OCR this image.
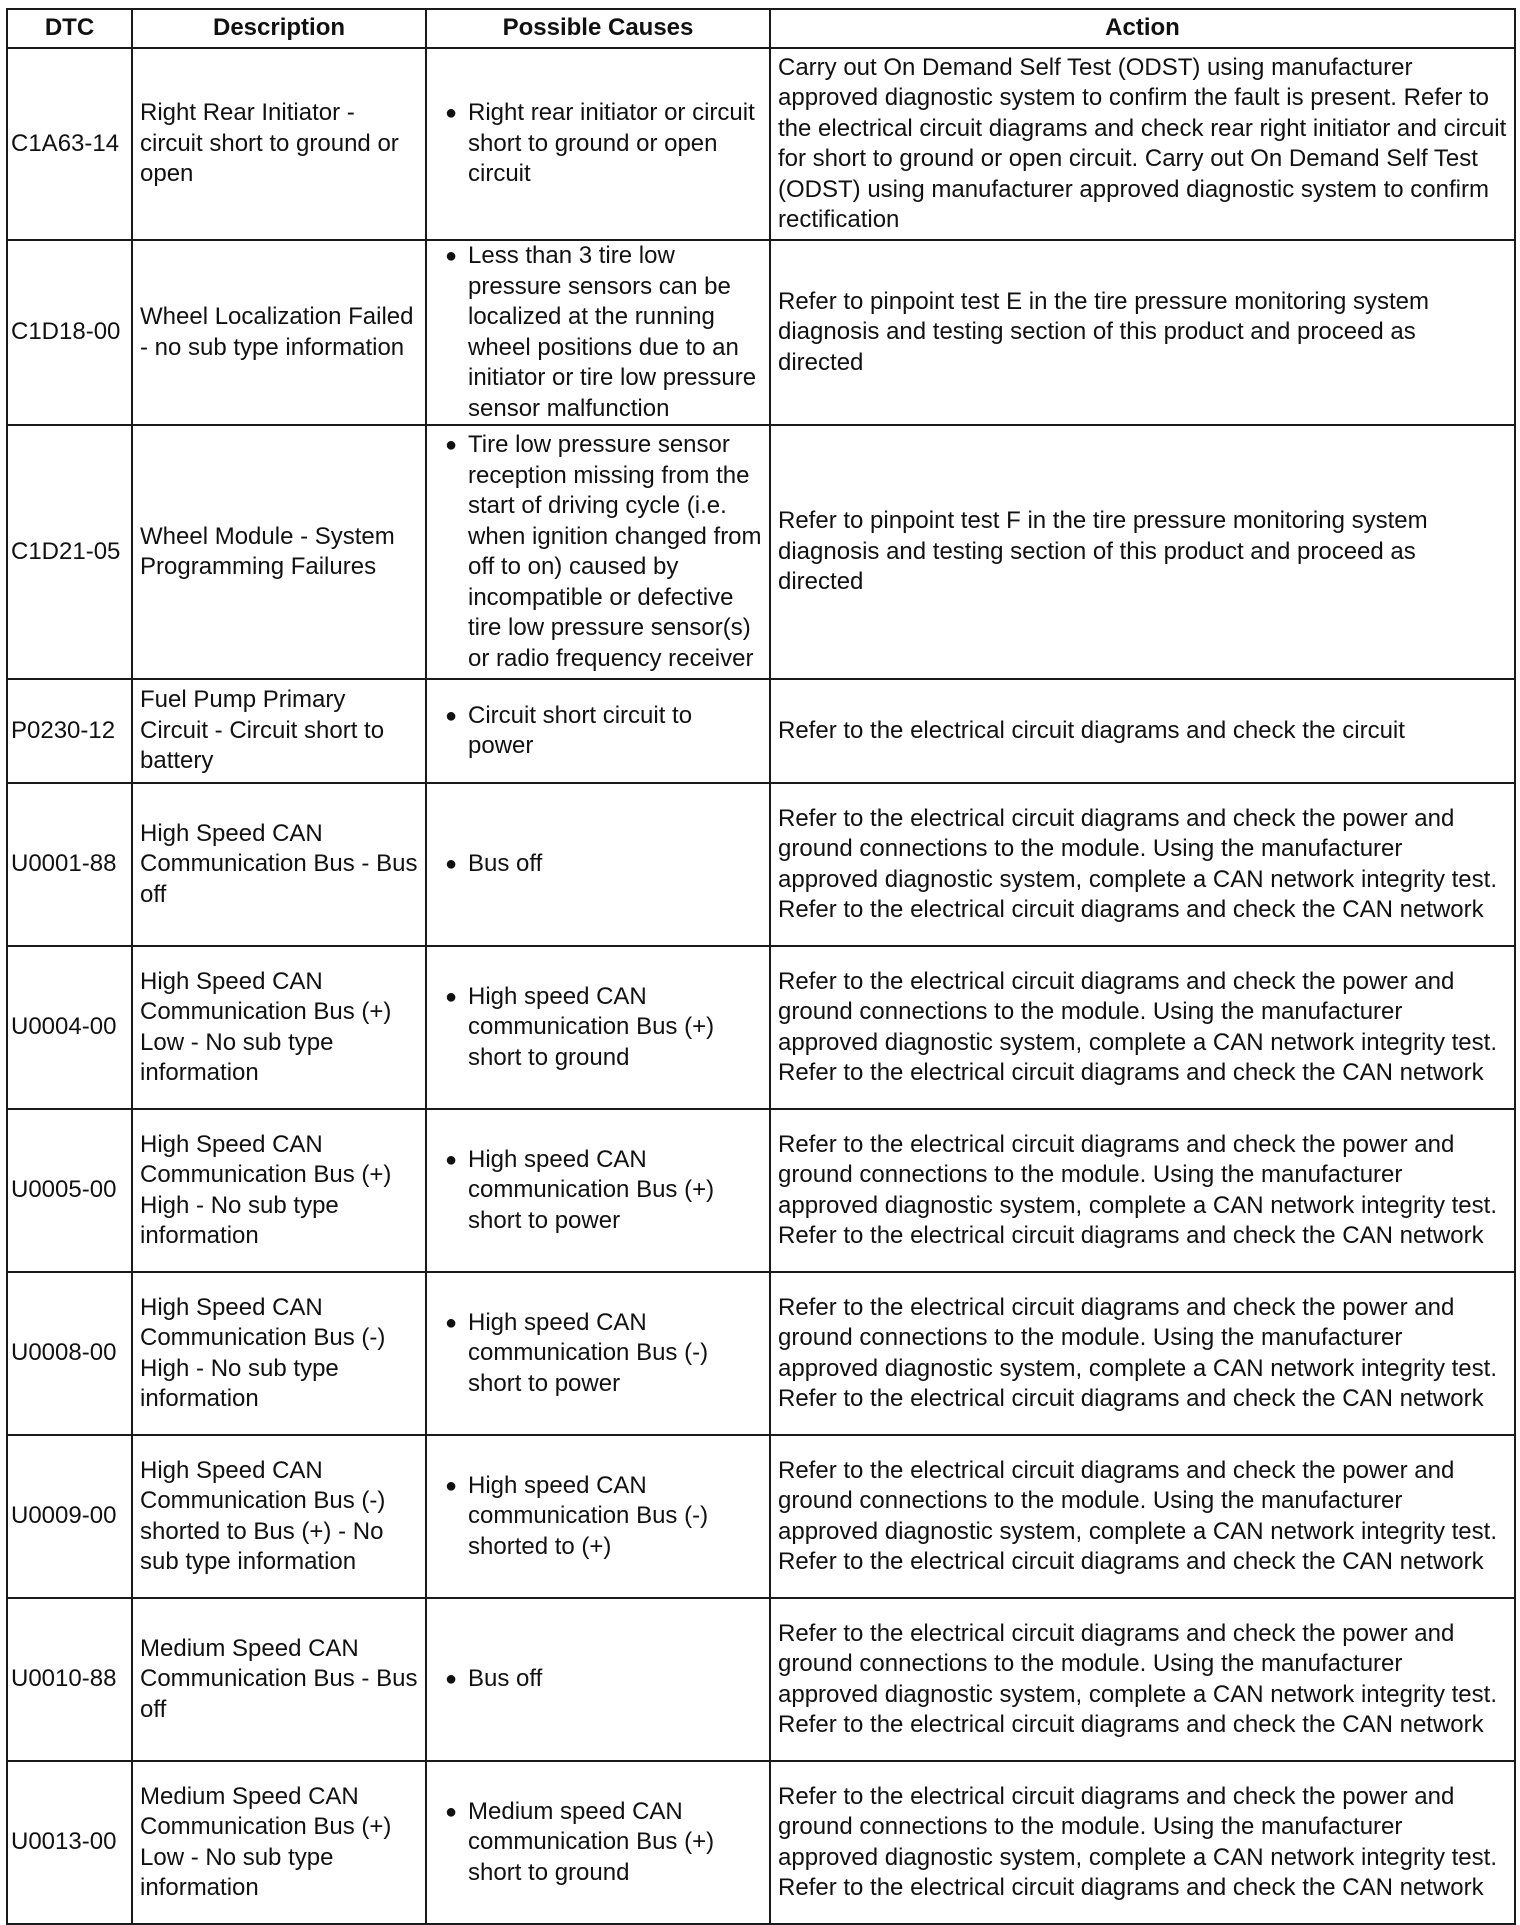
DTC	Description	Possible Causes	Action
C1A63-14	Right Rear Initiator - circuit short to ground or open	● Right rear initiator or circuit short to ground or open circuit	Carry out On Demand Self Test (ODST) using manufacturer approved diagnostic system to confirm the fault is present. Refer to the electrical circuit diagrams and check rear right initiator and circuit for short to ground or open circuit. Carry out On Demand Self Test (ODST) using manufacturer approved diagnostic system to confirm rectification
C1D18-00	Wheel Localization Failed - no sub type information	● Less than 3 tire low pressure sensors can be localized at the running wheel positions due to an initiator or tire low pressure sensor malfunction	Refer to pinpoint test E in the tire pressure monitoring system diagnosis and testing section of this product and proceed as directed
C1D21-05	Wheel Module - System Programming Failures	● Tire low pressure sensor reception missing from the start of driving cycle (i.e. when ignition changed from off to on) caused by incompatible or defective tire low pressure sensor(s) or radio frequency receiver	Refer to pinpoint test F in the tire pressure monitoring system diagnosis and testing section of this product and proceed as directed
P0230-12	Fuel Pump Primary Circuit - Circuit short to battery	● Circuit short circuit to power	Refer to the electrical circuit diagrams and check the circuit
U0001-88	High Speed CAN Communication Bus - Bus off	● Bus off	Refer to the electrical circuit diagrams and check the power and ground connections to the module. Using the manufacturer approved diagnostic system, complete a CAN network integrity test. Refer to the electrical circuit diagrams and check the CAN network
U0004-00	High Speed CAN Communication Bus (+) Low - No sub type information	● High speed CAN communication Bus (+) short to ground	Refer to the electrical circuit diagrams and check the power and ground connections to the module. Using the manufacturer approved diagnostic system, complete a CAN network integrity test. Refer to the electrical circuit diagrams and check the CAN network
U0005-00	High Speed CAN Communication Bus (+) High - No sub type information	● High speed CAN communication Bus (+) short to power	Refer to the electrical circuit diagrams and check the power and ground connections to the module. Using the manufacturer approved diagnostic system, complete a CAN network integrity test. Refer to the electrical circuit diagrams and check the CAN network
U0008-00	High Speed CAN Communication Bus (-) High - No sub type information	● High speed CAN communication Bus (-) short to power	Refer to the electrical circuit diagrams and check the power and ground connections to the module. Using the manufacturer approved diagnostic system, complete a CAN network integrity test. Refer to the electrical circuit diagrams and check the CAN network
U0009-00	High Speed CAN Communication Bus (-) shorted to Bus (+) - No sub type information	● High speed CAN communication Bus (-) shorted to (+)	Refer to the electrical circuit diagrams and check the power and ground connections to the module. Using the manufacturer approved diagnostic system, complete a CAN network integrity test. Refer to the electrical circuit diagrams and check the CAN network
U0010-88	Medium Speed CAN Communication Bus - Bus off	● Bus off	Refer to the electrical circuit diagrams and check the power and ground connections to the module. Using the manufacturer approved diagnostic system, complete a CAN network integrity test. Refer to the electrical circuit diagrams and check the CAN network
U0013-00	Medium Speed CAN Communication Bus (+) Low - No sub type information	● Medium speed CAN communication Bus (+) short to ground	Refer to the electrical circuit diagrams and check the power and ground connections to the module. Using the manufacturer approved diagnostic system, complete a CAN network integrity test. Refer to the electrical circuit diagrams and check the CAN network
